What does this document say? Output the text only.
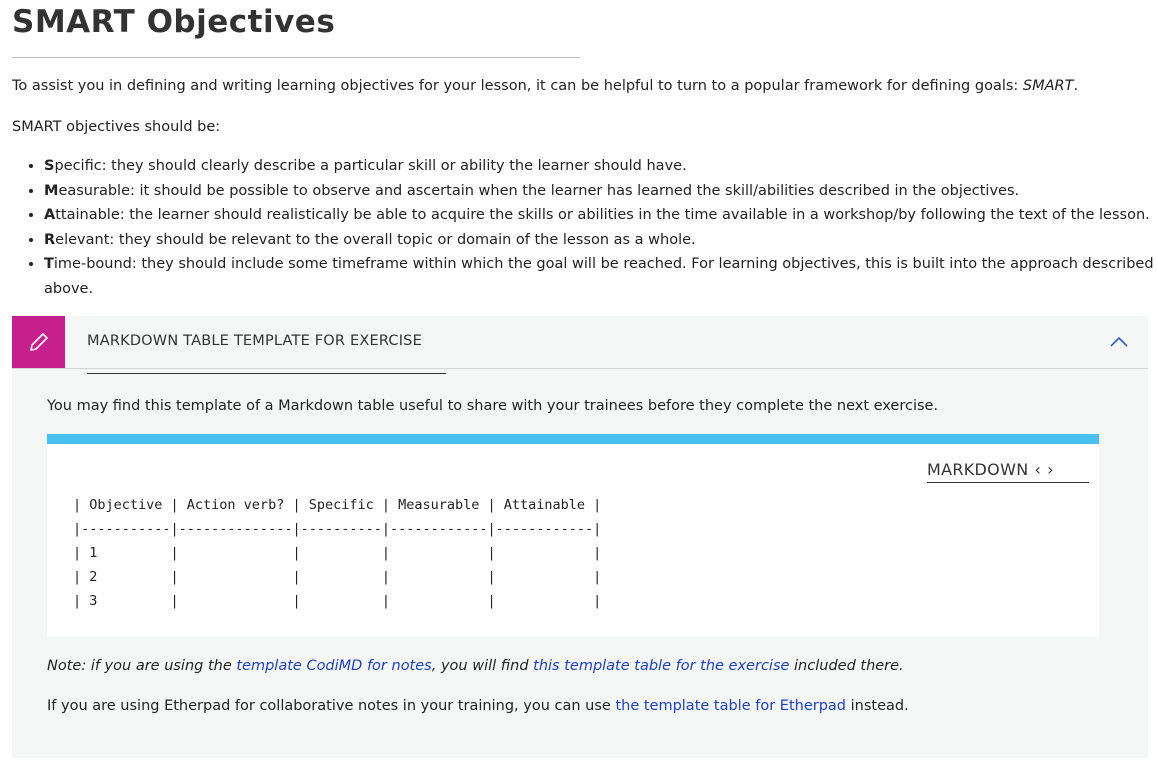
SMART Objectives

To assist you in defining and writing learning objectives for your lesson, it can be helpful to turn to a popular framework for defining goals: SMART.

SMART objectives should be:

• Specific: they should clearly describe a particular skill or ability the learner should have.
• Measurable: it should be possible to observe and ascertain when the learner has learned the skill/abilities described in the objectives.
• Attainable: the learner should realistically be able to acquire the skills or abilities in the time available in a workshop/by following the text of the lesson.
• Relevant: they should be relevant to the overall topic or domain of the lesson as a whole.
• Time-bound: they should include some timeframe within which the goal will be reached. For learning objectives, this is built into the approach described above.
MARKDOWN TABLE TEMPLATE FOR EXERCISE
You may find this template of a Markdown table useful to share with your trainees before they complete the next exercise.
MARKDOWN ‹ ›
| Objective | Action verb? | Specific | Measurable | Attainable |
|-----------|--------------|----------|------------|------------|
| 1         |              |          |            |            |
| 2         |              |          |            |            |
| 3         |              |          |            |            |
Note: if you are using the template CodiMD for notes, you will find this template table for the exercise included there.
If you are using Etherpad for collaborative notes in your training, you can use the template table for Etherpad instead.
